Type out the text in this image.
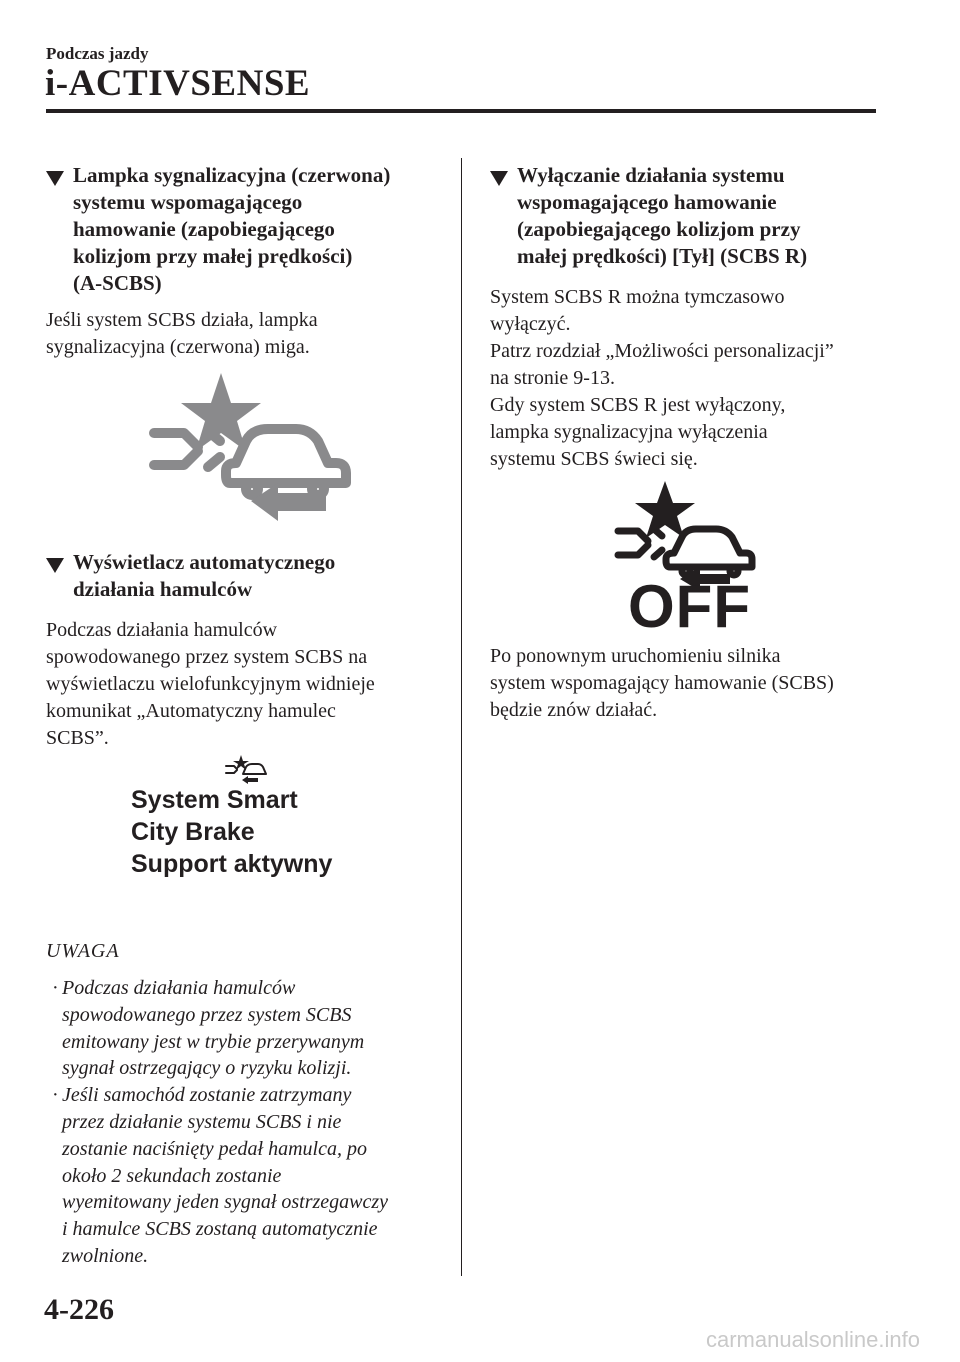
Podczas jazdy
i-ACTIVSENSE
Lampka sygnalizacyjna (czerwona)
systemu wspomagającego
hamowanie (zapobiegającego
kolizjom przy małej prędkości)
(A-SCBS)

Jeśli system SCBS działa, lampka
sygnalizacyjna (czerwona) miga.

Wyświetlacz automatycznego
działania hamulców

Podczas działania hamulców
spowodowanego przez system SCBS na
wyświetlaczu wielofunkcyjnym widnieje
komunikat „Automatyczny hamulec
SCBS”.

System Smart
City Brake
Support aktywny

UWAGA

· Podczas działania hamulców
spowodowanego przez system SCBS
emitowany jest w trybie przerywanym
sygnał ostrzegający o ryzyku kolizji.
· Jeśli samochód zostanie zatrzymany
przez działanie systemu SCBS i nie
zostanie naciśnięty pedał hamulca, po
około 2 sekundach zostanie
wyemitowany jeden sygnał ostrzegawczy
i hamulce SCBS zostaną automatycznie
zwolnione.
Wyłączanie działania systemu
wspomagającego hamowanie
(zapobiegającego kolizjom przy
małej prędkości) [Tył] (SCBS R)

System SCBS R można tymczasowo
wyłączyć.
Patrz rozdział „Możliwości personalizacji”
na stronie 9-13.
Gdy system SCBS R jest wyłączony,
lampka sygnalizacyjna wyłączenia
systemu SCBS świeci się.

OFF

Po ponownym uruchomieniu silnika
system wspomagający hamowanie (SCBS)
będzie znów działać.

4-226
carmanualsonline.info
